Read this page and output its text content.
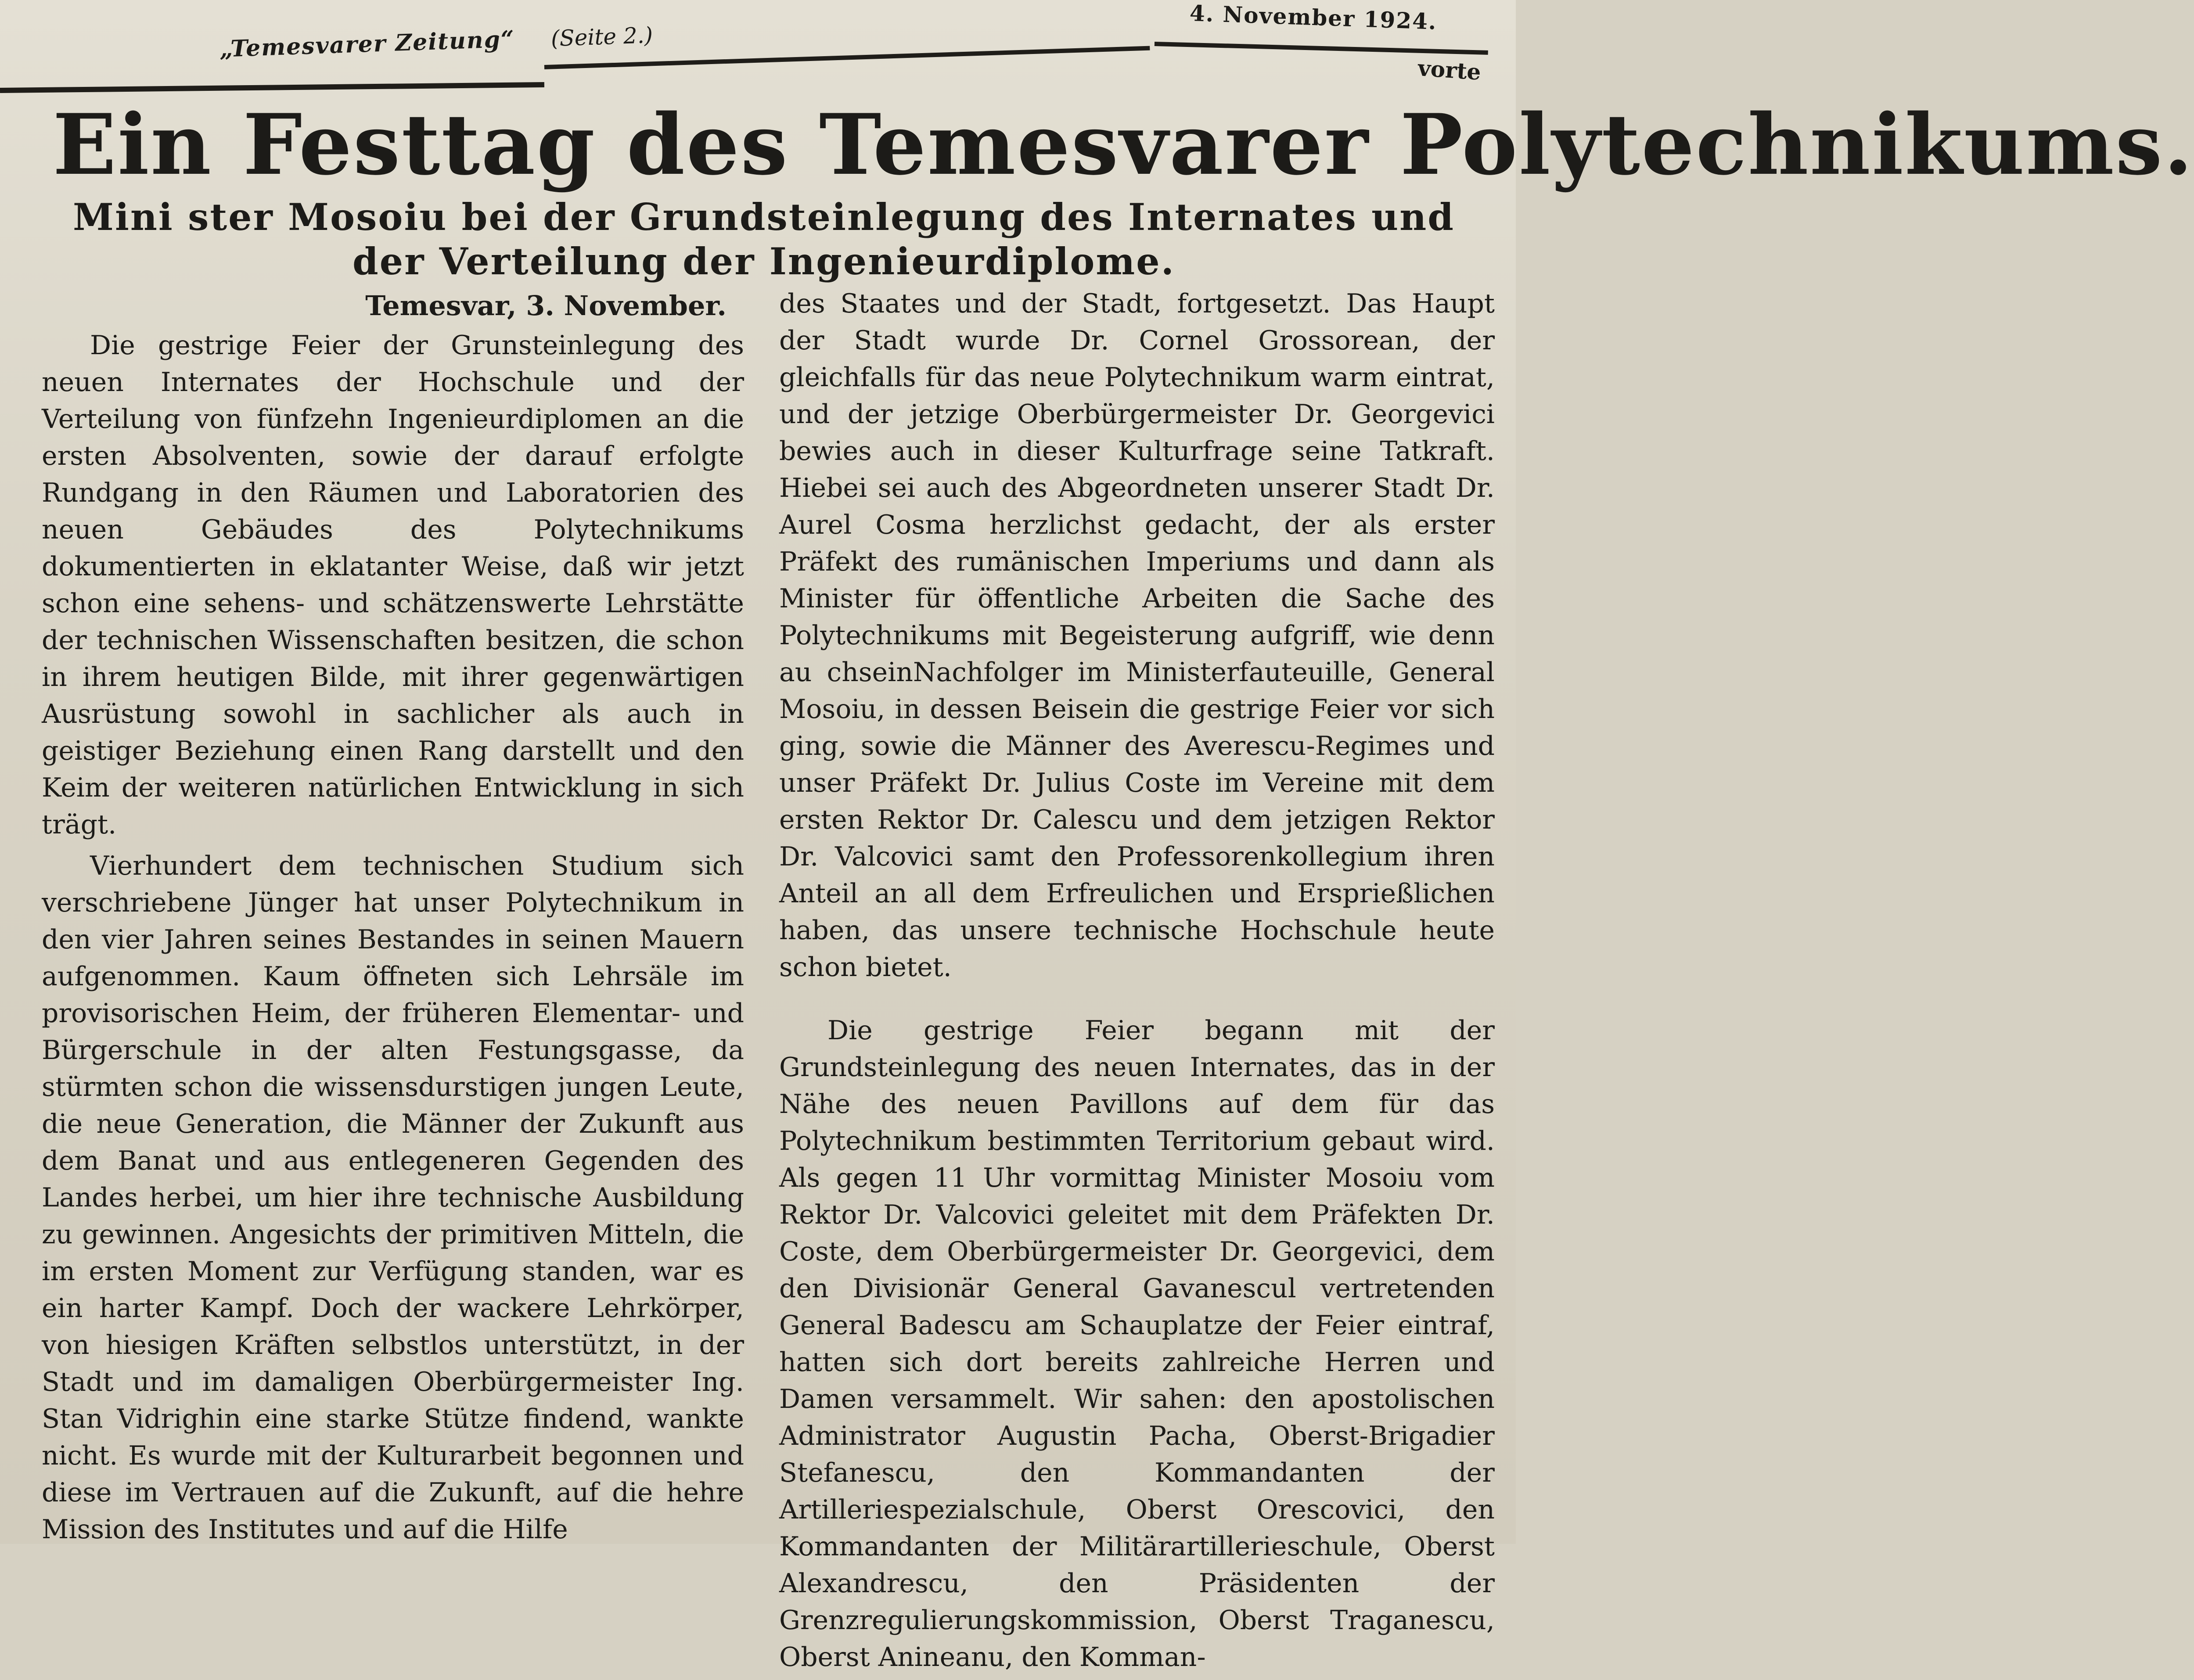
„Temesvarer Zeitung“ (Seite 2.)
4. November 1924.
vorte
Ein Festtag des Temesvarer Polytechnikums.
Mini ster Mosoiu bei der Grundsteinlegung des Internates und der Verteilung der Ingenieurdiplome.
Temesvar, 3. November.

Die gestrige Feier der Grunsteinlegung des neuen Internates der Hochschule und der Verteilung von fünfzehn Ingenieurdiplomen an die ersten Absolventen, sowie der darauf erfolgte Rundgang in den Räumen und Laboratorien des neuen Gebäudes des Polytechnikums dokumentierten in eklatanter Weise, daß wir jetzt schon eine sehens- und schätzenswerte Lehrstätte der technischen Wissenschaften besitzen, die schon in ihrem heutigen Bilde, mit ihrer gegenwärtigen Ausrüstung sowohl in sachlicher als auch in geistiger Beziehung einen Rang darstellt und den Keim der weiteren natürlichen Entwicklung in sich trägt.

Vierhundert dem technischen Studium sich verschriebene Jünger hat unser Polytechnikum in den vier Jahren seines Bestandes in seinen Mauern aufgenommen. Kaum öffneten sich Lehrsäle im provisorischen Heim, der früheren Elementar- und Bürgerschule in der alten Festungsgasse, da stürmten schon die wissensdurstigen jungen Leute, die neue Generation, die Männer der Zukunft aus dem Banat und aus entlegeneren Gegenden des Landes herbei, um hier ihre technische Ausbildung zu gewinnen. Angesichts der primitiven Mitteln, die im ersten Moment zur Verfügung standen, war es ein harter Kampf. Doch der wackere Lehrkörper, von hiesigen Kräften selbstlos unterstützt, in der Stadt und im damaligen Oberbürgermeister Ing. Stan Vidrighin eine starke Stütze findend, wankte nicht. Es wurde mit der Kulturarbeit begonnen und diese im Vertrauen auf die Zukunft, auf die hehre Mission des Institutes und auf die Hilfe

des Staates und der Stadt, fortgesetzt. Das Haupt der Stadt wurde Dr. Cornel Grossorean, der gleichfalls für das neue Polytechnikum warm eintrat, und der jetzige Oberbürgermeister Dr. Georgevici bewies auch in dieser Kulturfrage seine Tatkraft. Hiebei sei auch des Abgeordneten unserer Stadt Dr. Aurel Cosma herzlichst gedacht, der als erster Präfekt des rumänischen Imperiums und dann als Minister für öffentliche Arbeiten die Sache des Polytechnikums mit Begeisterung aufgriff, wie denn au chseinNachfolger im Ministerfauteuille, General Mosoiu, in dessen Beisein die gestrige Feier vor sich ging, sowie die Männer des Averescu-Regimes und unser Präfekt Dr. Julius Coste im Vereine mit dem ersten Rektor Dr. Calescu und dem jetzigen Rektor Dr. Valcovici samt den Professorenkollegium ihren Anteil an all dem Erfreulichen und Ersprießlichen haben, das unsere technische Hochschule heute schon bietet.

Die gestrige Feier begann mit der Grundsteinlegung des neuen Internates, das in der Nähe des neuen Pavillons auf dem für das Polytechnikum bestimmten Territorium gebaut wird. Als gegen 11 Uhr vormittag Minister Mosoiu vom Rektor Dr. Valcovici geleitet mit dem Präfekten Dr. Coste, dem Oberbürgermeister Dr. Georgevici, dem den Divisionär General Gavanescul vertretenden General Badescu am Schauplatze der Feier eintraf, hatten sich dort bereits zahlreiche Herren und Damen versammelt. Wir sahen: den apostolischen Administrator Augustin Pacha, Oberst-Brigadier Stefanescu, den Kommandanten der Artilleriespezialschule, Oberst Orescovici, den Kommandanten der Militärartillerieschule, Oberst Alexandrescu, den Präsidenten der Grenzregulierungskommission, Oberst Traganescu, Oberst Anineanu, den Komman-
